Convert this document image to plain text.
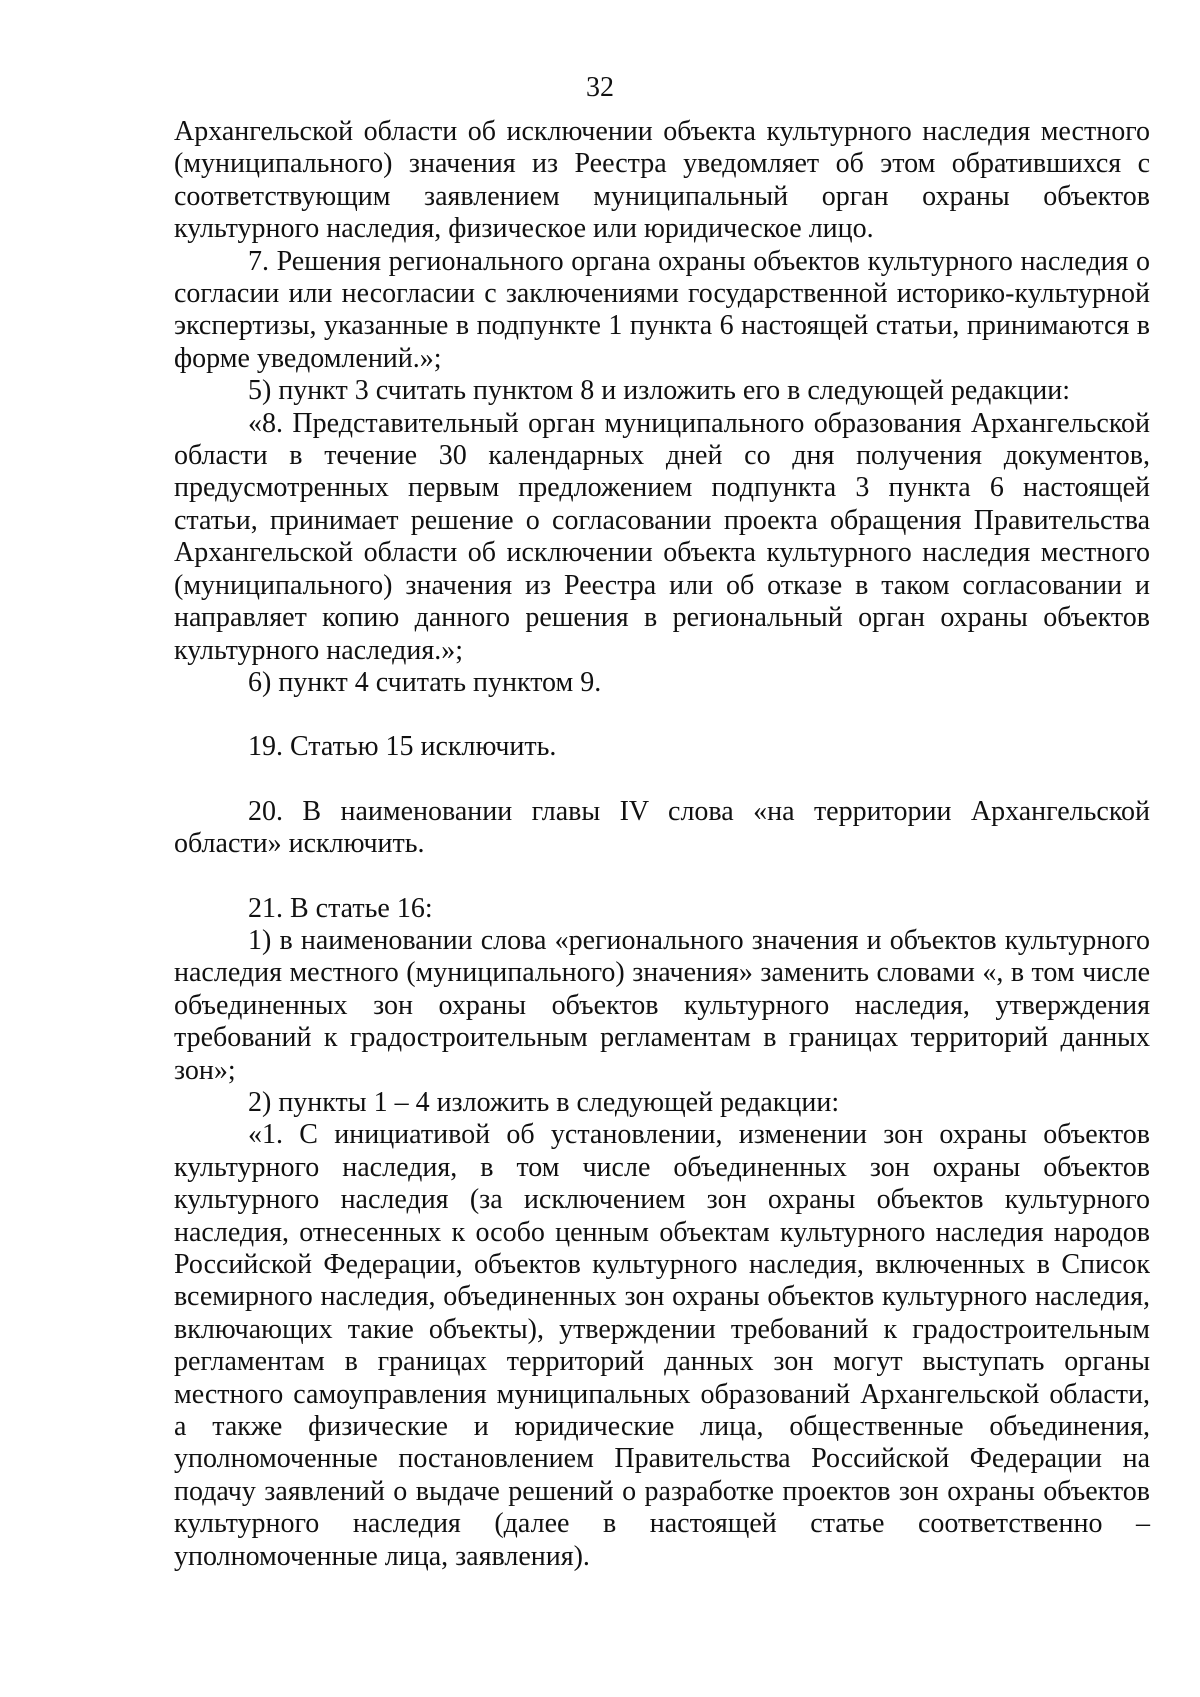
32

Архангельской области об исключении объекта культурного наследия местного (муниципального) значения из Реестра уведомляет об этом обратившихся с соответствующим заявлением муниципальный орган охраны объектов культурного наследия, физическое или юридическое лицо.

7. Решения регионального органа охраны объектов культурного наследия о согласии или несогласии с заключениями государственной историко-культурной экспертизы, указанные в подпункте 1 пункта 6 настоящей статьи, принимаются в форме уведомлений.»;

5) пункт 3 считать пунктом 8 и изложить его в следующей редакции:

«8. Представительный орган муниципального образования Архангельской области в течение 30 календарных дней со дня получения документов, предусмотренных первым предложением подпункта 3 пункта 6 настоящей статьи, принимает решение о согласовании проекта обращения Правительства Архангельской области об исключении объекта культурного наследия местного (муниципального) значения из Реестра или об отказе в таком согласовании и направляет копию данного решения в региональный орган охраны объектов культурного наследия.»;

6) пункт 4 считать пунктом 9.

19. Статью 15 исключить.

20. В наименовании главы IV слова «на территории Архангельской области» исключить.

21. В статье 16:

1) в наименовании слова «регионального значения и объектов культурного наследия местного (муниципального) значения» заменить словами «, в том числе объединенных зон охраны объектов культурного наследия, утверждения требований к градостроительным регламентам в границах территорий данных зон»;

2) пункты 1 – 4 изложить в следующей редакции:

«1. С инициативой об установлении, изменении зон охраны объектов культурного наследия, в том числе объединенных зон охраны объектов культурного наследия (за исключением зон охраны объектов культурного наследия, отнесенных к особо ценным объектам культурного наследия народов Российской Федерации, объектов культурного наследия, включенных в Список всемирного наследия, объединенных зон охраны объектов культурного наследия, включающих такие объекты), утверждении требований к градостроительным регламентам в границах территорий данных зон могут выступать органы местного самоуправления муниципальных образований Архангельской области, а также физические и юридические лица, общественные объединения, уполномоченные постановлением Правительства Российской Федерации на подачу заявлений о выдаче решений о разработке проектов зон охраны объектов культурного наследия (далее в настоящей статье соответственно – уполномоченные лица, заявления).
